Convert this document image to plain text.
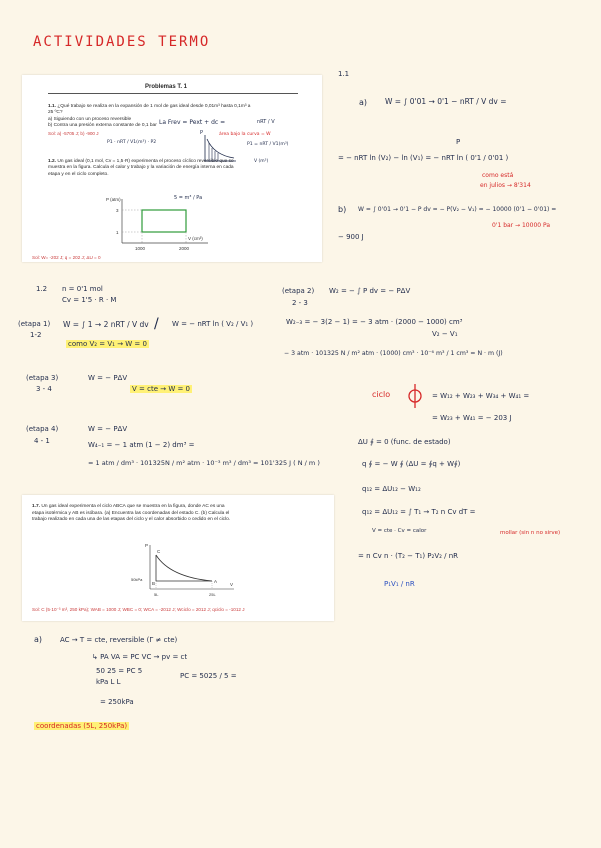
ACTIVIDADES TERMO
Problemas T. 1
1.1. ¿Qué trabajo se realiza en la expansión de 1 mol de gas ideal desde 0,01m³ hasta 0,1m³ a
25 ºC?
a) Siguiendo con un proceso reversible
b) Contra una presión externa constante de 0,1 bar
Sol: a) -5705 J; b) -900 J
1.2. Un gas ideal (0,1 mol, Cv = 1,5·R) experimenta el proceso cíclico reversible que se
muestra en la figura. Calcula el calor y trabajo y la variación de energía interna en cada
etapa y en el ciclo completo.
La Frev = Pext + dc =	nRT / V
área bajo la curva = W
P1 · nRT / V1(m³) · P2	P1 = nRT / V1(m³)
V (m³)
P
5 = m³ / Pa
3
1
1000	2000
P (atm)
V (cm³)
Sol: W= -202 J; q = 202 J; ΔU = 0
1.1
a) W = ∫ 0'01 → 0'1 − nRT / V dv =
P
= − nRT ln (V₂) − ln (V₁) = − nRT ln ( 0'1 / 0'01 )
como está
en julios → 8'314
b) W = ∫ 0'01 → 0'1 − P dv = − P(V₂ − V₁) = − 10000 (0'1 − 0'01) =
0'1 bar → 10000 Pa
− 900 J
1.2 n = 0'1 mol
Cv = 1'5 · R · M
(etapa 1)
1-2
W = ∫ 1 → 2 nRT / V dv / W = − nRT ln ( V₂ / V₁ )
como V₂ = V₁ → W = 0
(etapa 3)
3 - 4
W = − PΔV
V = cte → W = 0
(etapa 4)
4 - 1
W = − PΔV
W₄₋₁ = − 1 atm (1 − 2) dm³ =
= 1 atm / dm³ · 101325N / m² atm · 10⁻³ m³ / dm³ = 101'325 J ( N / m )
(etapa 2)
2 - 3
W₂ = − ∫ P dv = − PΔV
W₂₋₃ = − 3(2 − 1) = − 3 atm · (2000 − 1000) cm³
V₂ − V₁
− 3 atm · 101325 N / m² atm · (1000) cm³ · 10⁻⁶ m³ / 1 cm³ = N · m (J)
ciclo	= W₁₂ + W₂₃ + W₃₄ + W₄₁ =
= W₂₃ + W₄₁ = − 203 J
ΔU ∮ = 0 (func. de estado)
q ∮ = − W ∮ (ΔU = ∮q + W∮)
q₁₂ = ΔU₁₂ − W₁₂
q₁₂ = ΔU₁₂ = ∫ T₁ → T₂ n Cv dT =
V = cte · Cv = calor	mollar (sin n no sirve)
= n Cv n · (T₂ − T₁) P₂V₂ / nR
P₁V₁ / nR
1.7. Un gas ideal experimenta el ciclo ABCA que se muestra en la figura, donde AC es una
etapa isotérmica y AB es isóbara. (a) Encuentra las coordenadas del estado C. (b) Calcula el
trabajo realizado en cada una de las etapas del ciclo y el calor absorbido o cedido en el ciclo.
C
B	A
50kPa
5L	25L
P
V
Sol: C (5·10⁻³ m³, 250 kPa); WAB = 1000 J; WBC = 0; WCA = -2012 J; Wciclo = 2012 J; qciclo = -1012 J
a)	AC → T = cte, reversible (Γ ≠ cte)
↳ PA VA = PC VC → pv = ct
50 25 = PC 5
kPa L L
PC = 5025 / 5 =
= 250kPa
coordenadas (5L, 250kPa)
